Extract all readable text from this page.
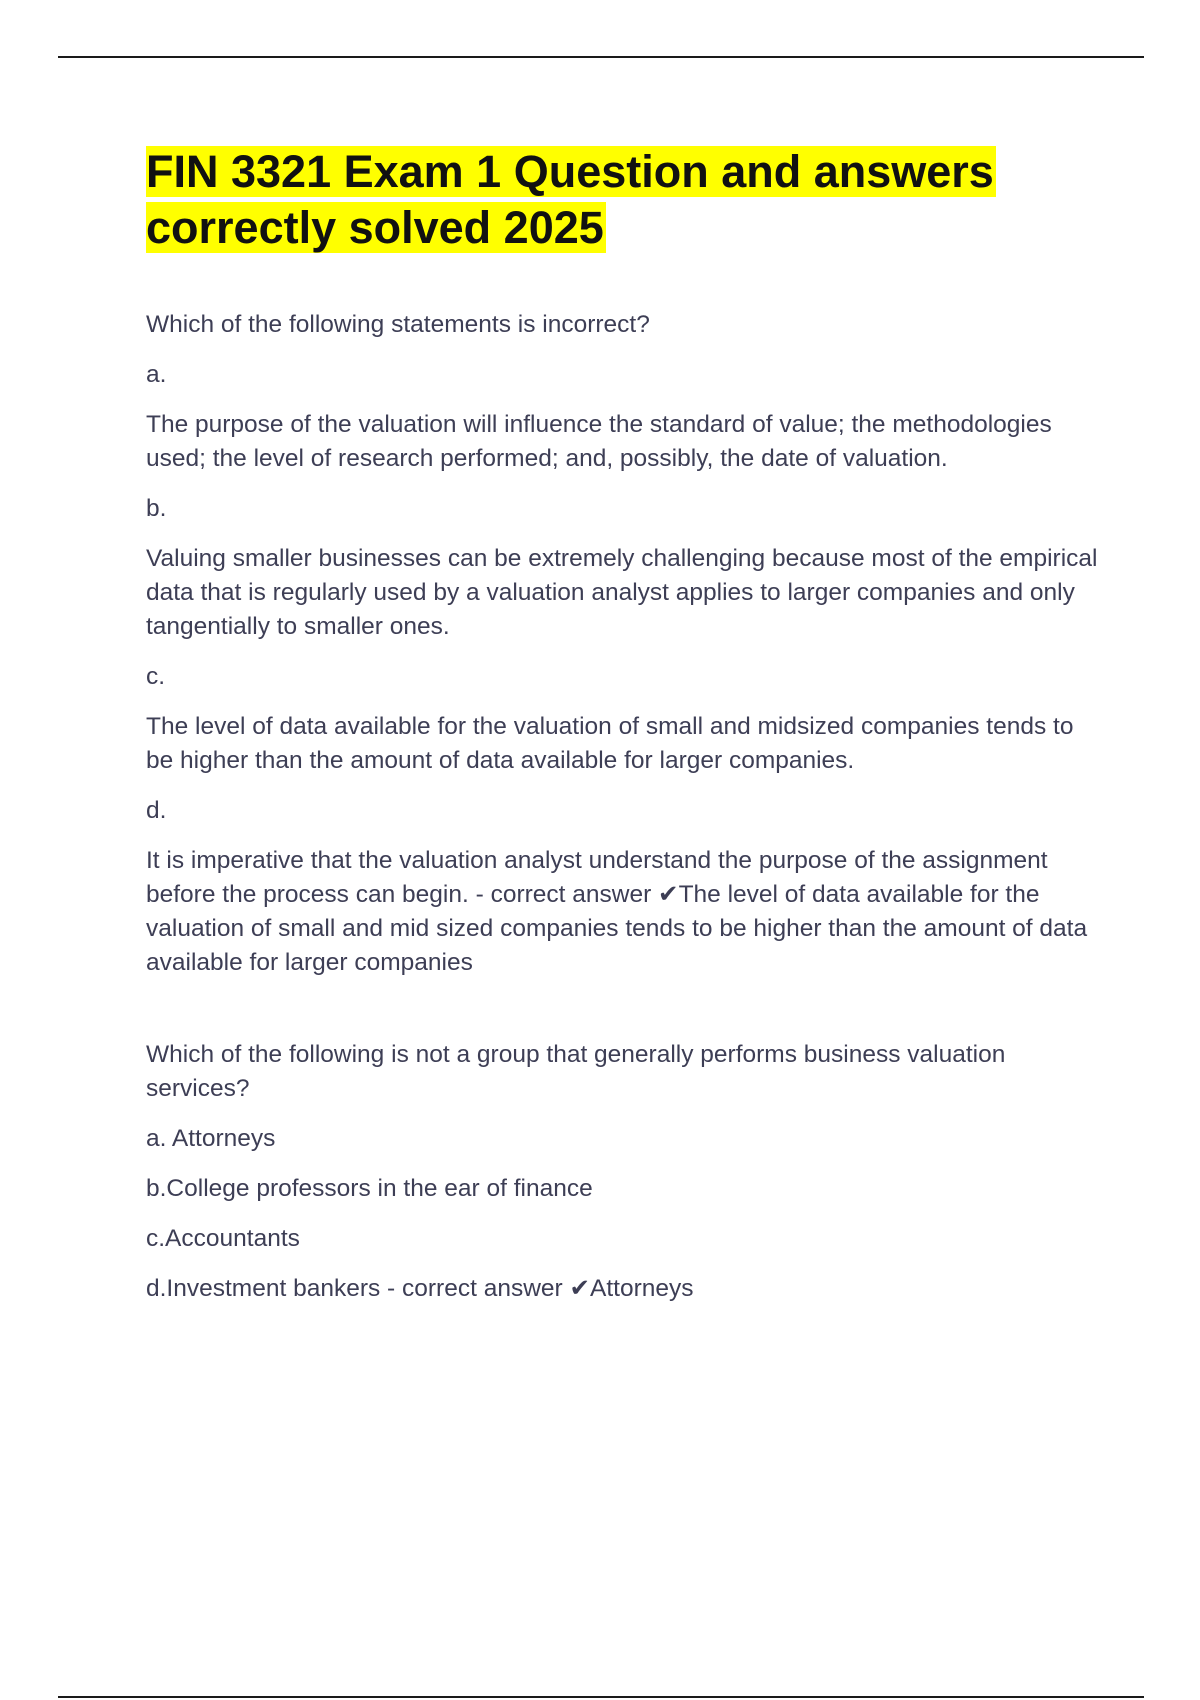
FIN 3321 Exam 1 Question and answers correctly solved 2025

Which of the following statements is incorrect?

a.

The purpose of the valuation will influence the standard of value; the methodologies used; the level of research performed; and, possibly, the date of valuation.

b.

Valuing smaller businesses can be extremely challenging because most of the empirical data that is regularly used by a valuation analyst applies to larger companies and only tangentially to smaller ones.

c.

The level of data available for the valuation of small and midsized companies tends to be higher than the amount of data available for larger companies.

d.

It is imperative that the valuation analyst understand the purpose of the assignment before the process can begin. - correct answer ✔The level of data available for the valuation of small and mid sized companies tends to be higher than the amount of data available for larger companies

Which of the following is not a group that generally performs business valuation services?

a. Attorneys

b.College professors in the ear of finance

c.Accountants

d.Investment bankers - correct answer ✔Attorneys
